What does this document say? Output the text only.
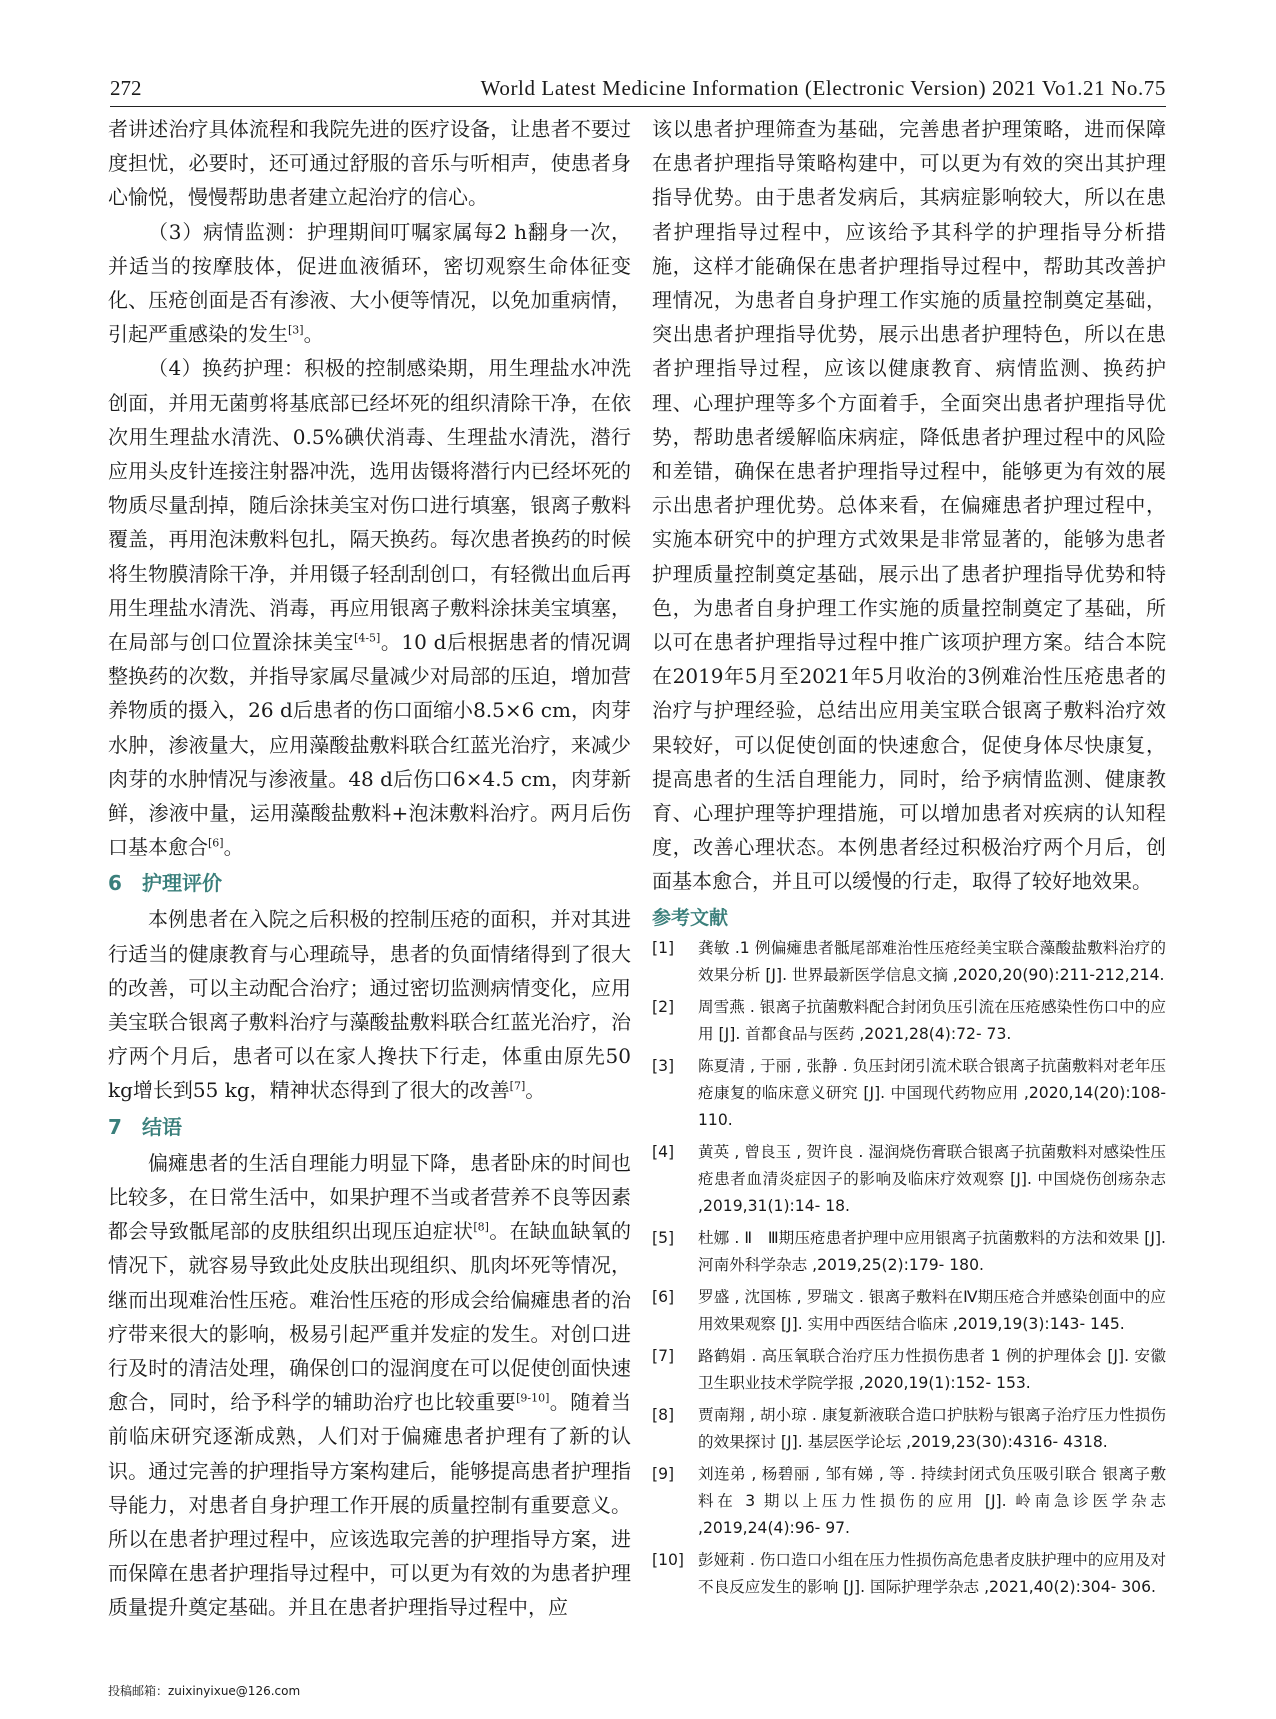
272	World Latest Medicine Information (Electronic Version) 2021 Vo1.21 No.75

者讲述治疗具体流程和我院先进的医疗设备，让患者不要过度担忧，必要时，还可通过舒服的音乐与听相声，使患者身心愉悦，慢慢帮助患者建立起治疗的信心。

（3）病情监测：护理期间叮嘱家属每2 h翻身一次，并适当的按摩肢体，促进血液循环，密切观察生命体征变化、压疮创面是否有渗液、大小便等情况，以免加重病情，引起严重感染的发生[3]。

（4）换药护理：积极的控制感染期，用生理盐水冲洗创面，并用无菌剪将基底部已经坏死的组织清除干净，在依次用生理盐水清洗、0.5%碘伏消毒、生理盐水清洗，潜行应用头皮针连接注射器冲洗，选用齿镊将潜行内已经坏死的物质尽量刮掉，随后涂抹美宝对伤口进行填塞，银离子敷料覆盖，再用泡沫敷料包扎，隔天换药。每次患者换药的时候将生物膜清除干净，并用镊子轻刮刮创口，有轻微出血后再用生理盐水清洗、消毒，再应用银离子敷料涂抹美宝填塞，在局部与创口位置涂抹美宝[4-5]。10 d后根据患者的情况调整换药的次数，并指导家属尽量减少对局部的压迫，增加营养物质的摄入，26 d后患者的伤口面缩小8.5×6 cm，肉芽水肿，渗液量大，应用藻酸盐敷料联合红蓝光治疗，来减少肉芽的水肿情况与渗液量。48 d后伤口6×4.5 cm，肉芽新鲜，渗液中量，运用藻酸盐敷料+泡沫敷料治疗。两月后伤口基本愈合[6]。

6 护理评价

本例患者在入院之后积极的控制压疮的面积，并对其进行适当的健康教育与心理疏导，患者的负面情绪得到了很大的改善，可以主动配合治疗；通过密切监测病情变化，应用美宝联合银离子敷料治疗与藻酸盐敷料联合红蓝光治疗，治疗两个月后，患者可以在家人搀扶下行走，体重由原先50 kg增长到55 kg，精神状态得到了很大的改善[7]。

7 结语

偏瘫患者的生活自理能力明显下降，患者卧床的时间也比较多，在日常生活中，如果护理不当或者营养不良等因素都会导致骶尾部的皮肤组织出现压迫症状[8]。在缺血缺氧的情况下，就容易导致此处皮肤出现组织、肌肉坏死等情况，继而出现难治性压疮。难治性压疮的形成会给偏瘫患者的治疗带来很大的影响，极易引起严重并发症的发生。对创口进行及时的清洁处理，确保创口的湿润度在可以促使创面快速愈合，同时，给予科学的辅助治疗也比较重要[9-10]。随着当前临床研究逐渐成熟，人们对于偏瘫患者护理有了新的认识。通过完善的护理指导方案构建后，能够提高患者护理指导能力，对患者自身护理工作开展的质量控制有重要意义。所以在患者护理过程中，应该选取完善的护理指导方案，进而保障在患者护理指导过程中，可以更为有效的为患者护理质量提升奠定基础。并且在患者护理指导过程中，应

该以患者护理筛查为基础，完善患者护理策略，进而保障在患者护理指导策略构建中，可以更为有效的突出其护理指导优势。由于患者发病后，其病症影响较大，所以在患者护理指导过程中，应该给予其科学的护理指导分析措施，这样才能确保在患者护理指导过程中，帮助其改善护理情况，为患者自身护理工作实施的质量控制奠定基础，突出患者护理指导优势，展示出患者护理特色，所以在患者护理指导过程，应该以健康教育、病情监测、换药护理、心理护理等多个方面着手，全面突出患者护理指导优势，帮助患者缓解临床病症，降低患者护理过程中的风险和差错，确保在患者护理指导过程中，能够更为有效的展示出患者护理优势。总体来看，在偏瘫患者护理过程中，实施本研究中的护理方式效果是非常显著的，能够为患者护理质量控制奠定基础，展示出了患者护理指导优势和特色，为患者自身护理工作实施的质量控制奠定了基础，所以可在患者护理指导过程中推广该项护理方案。结合本院在2019年5月至2021年5月收治的3例难治性压疮患者的治疗与护理经验，总结出应用美宝联合银离子敷料治疗效果较好，可以促使创面的快速愈合，促使身体尽快康复，提高患者的生活自理能力，同时，给予病情监测、健康教育、心理护理等护理措施，可以增加患者对疾病的认知程度，改善心理状态。本例患者经过积极治疗两个月后，创面基本愈合，并且可以缓慢的行走，取得了较好地效果。

参考文献
[1]	龚敏 .1 例偏瘫患者骶尾部难治性压疮经美宝联合藻酸盐敷料治疗的效果分析 [J]. 世界最新医学信息文摘 ,2020,20(90):211-212,214.
[2]	周雪燕 . 银离子抗菌敷料配合封闭负压引流在压疮感染性伤口中的应用 [J]. 首都食品与医药 ,2021,28(4):72- 73.
[3]	陈夏清 , 于丽 , 张静 . 负压封闭引流术联合银离子抗菌敷料对老年压疮康复的临床意义研究 [J]. 中国现代药物应用 ,2020,14(20):108- 110.
[4]	黄英 , 曾良玉 , 贺许良 . 湿润烧伤膏联合银离子抗菌敷料对感染性压疮患者血清炎症因子的影响及临床疗效观察 [J]. 中国烧伤创疡杂志 ,2019,31(1):14- 18.
[5]	杜娜 . Ⅱ　Ⅲ期压疮患者护理中应用银离子抗菌敷料的方法和效果 [J]. 河南外科学杂志 ,2019,25(2):179- 180.
[6]	罗盛 , 沈国栋 , 罗瑞文 . 银离子敷料在Ⅳ期压疮合并感染创面中的应用效果观察 [J]. 实用中西医结合临床 ,2019,19(3):143- 145.
[7]	路鹤娟 . 高压氧联合治疗压力性损伤患者 1 例的护理体会 [J]. 安徽卫生职业技术学院学报 ,2020,19(1):152- 153.
[8]	贾南翔 , 胡小琼 . 康复新液联合造口护肤粉与银离子治疗压力性损伤的效果探讨 [J]. 基层医学论坛 ,2019,23(30):4316- 4318.
[9]	刘连弟 , 杨碧丽 , 邹有娣 , 等 . 持续封闭式负压吸引联合 银离子敷料在 3 期以上压力性损伤的应用 [J]. 岭南急诊医学杂志 ,2019,24(4):96- 97.
[10] 彭娅莉 . 伤口造口小组在压力性损伤高危患者皮肤护理中的应用及对不良反应发生的影响 [J]. 国际护理学杂志 ,2021,40(2):304- 306.
投稿邮箱：zuixinyixue@126.com
